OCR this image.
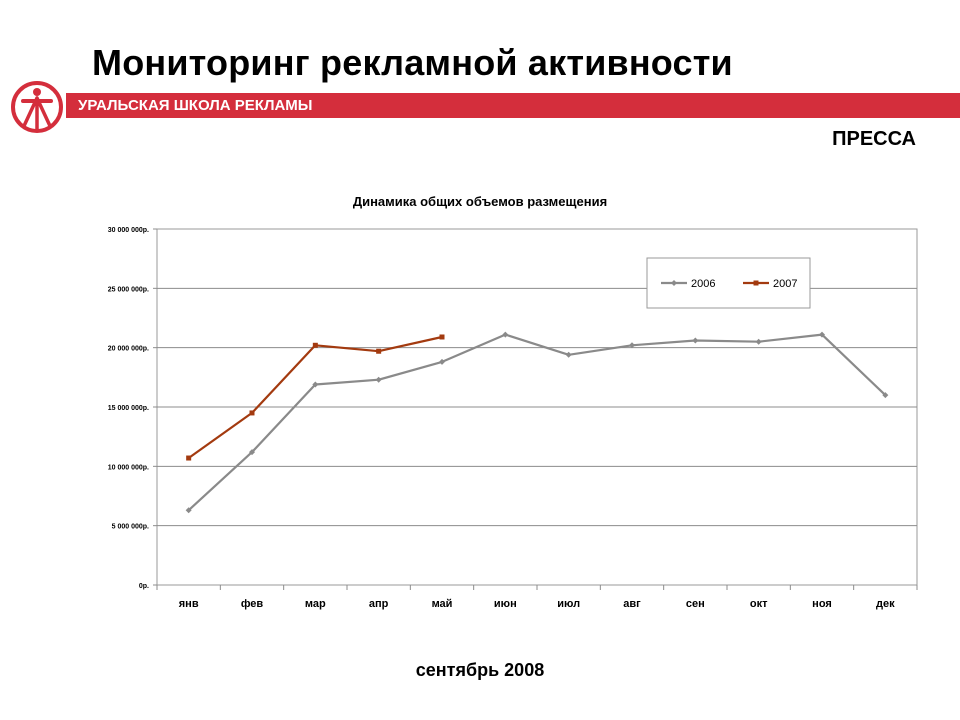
Мониторинг рекламной активности
УРАЛЬСКАЯ ШКОЛА РЕКЛАМЫ
ПРЕССА
Динамика общих объемов размещения
0р.
5 000 000р.
10 000 000р.
15 000 000р.
20 000 000р.
25 000 000р.
30 000 000р.
янв	фев	мар	апр	май	июн	июл	авг	сен	окт	ноя	дек
2006	2007
сентябрь 2008
